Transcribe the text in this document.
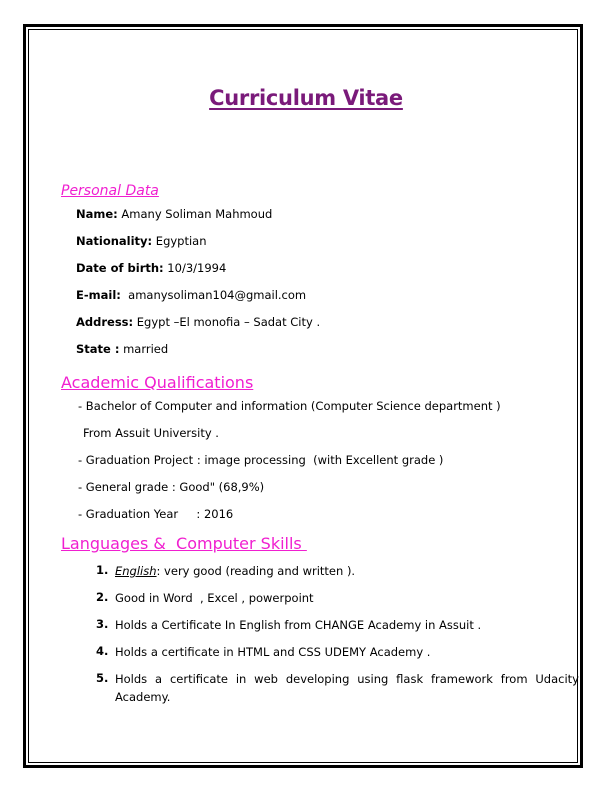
Curriculum Vitae
Personal Data
Name: Amany Soliman Mahmoud
Nationality: Egyptian
Date of birth: 10/3/1994
E-mail:  amanysoliman104@gmail.com
Address: Egypt –El monofia – Sadat City .
State : married
Academic Qualifications
- Bachelor of Computer and information (Computer Science department )
From Assuit University .
- Graduation Project : image processing  (with Excellent grade )
- General grade : Good" (68,9%)
- Graduation Year     : 2016
Languages &  Computer Skills
1. English: very good (reading and written ).
2. Good in Word  , Excel , powerpoint
3. Holds a Certificate In English from CHANGE Academy in Assuit .
4. Holds a certificate in HTML and CSS UDEMY Academy .
5. Holds a certificate in web developing using flask framework from Udacity
Academy.
